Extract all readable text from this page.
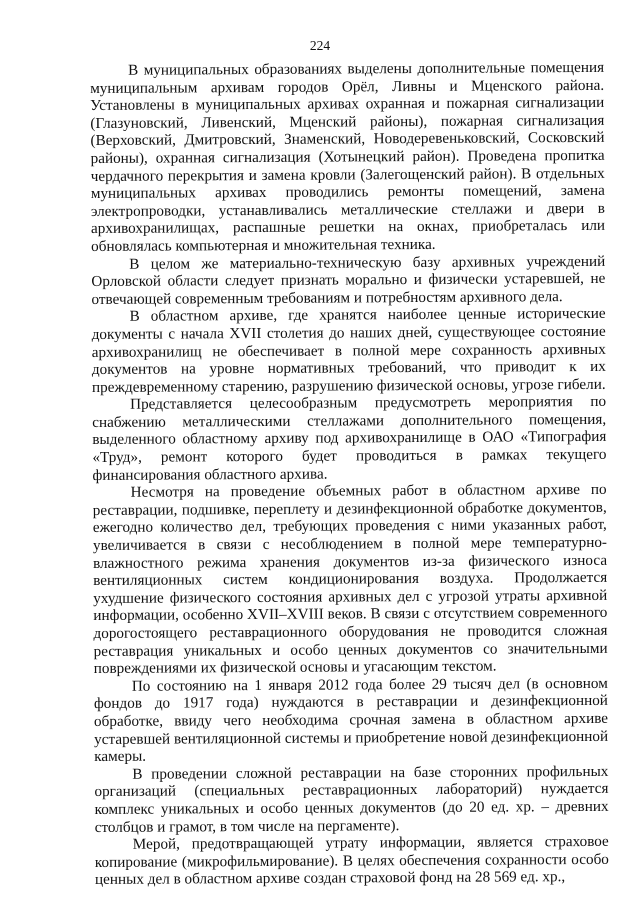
224

В муниципальных образованиях выделены дополнительные помещения муниципальным архивам городов Орёл, Ливны и Мценского района. Установлены в муниципальных архивах охранная и пожарная сигнализации (Глазуновский, Ливенский, Мценский районы), пожарная сигнализация (Верховский, Дмитровский, Знаменский, Новодеревеньковский, Сосковский районы), охранная сигнализация (Хотынецкий район). Проведена пропитка чердачного перекрытия и замена кровли (Залегощенский район). В отдельных муниципальных архивах проводились ремонты помещений, замена электропроводки, устанавливались металлические стеллажи и двери в архивохранилищах, распашные решетки на окнах, приобреталась или обновлялась компьютерная и множительная техника.

В целом же материально-техническую базу архивных учреждений Орловской области следует признать морально и физически устаревшей, не отвечающей современным требованиям и потребностям архивного дела.

В областном архиве, где хранятся наиболее ценные исторические документы с начала XVII столетия до наших дней, существующее состояние архивохранилищ не обеспечивает в полной мере сохранность архивных документов на уровне нормативных требований, что приводит к их преждевременному старению, разрушению физической основы, угрозе гибели.

Представляется целесообразным предусмотреть мероприятия по снабжению металлическими стеллажами дополнительного помещения, выделенного областному архиву под архивохранилище в ОАО «Типография «Труд», ремонт которого будет проводиться в рамках текущего финансирования областного архива.

Несмотря на проведение объемных работ в областном архиве по реставрации, подшивке, переплету и дезинфекционной обработке документов, ежегодно количество дел, требующих проведения с ними указанных работ, увеличивается в связи с несоблюдением в полной мере температурно-влажностного режима хранения документов из-за физического износа вентиляционных систем кондиционирования воздуха. Продолжается ухудшение физического состояния архивных дел с угрозой утраты архивной информации, особенно XVII–XVIII веков. В связи с отсутствием современного дорогостоящего реставрационного оборудования не проводится сложная реставрация уникальных и особо ценных документов со значительными повреждениями их физической основы и угасающим текстом.

По состоянию на 1 января 2012 года более 29 тысяч дел (в основном фондов до 1917 года) нуждаются в реставрации и дезинфекционной обработке, ввиду чего необходима срочная замена в областном архиве устаревшей вентиляционной системы и приобретение новой дезинфекционной камеры.

В проведении сложной реставрации на базе сторонних профильных организаций (специальных реставрационных лабораторий) нуждается комплекс уникальных и особо ценных документов (до 20 ед. хр. – древних столбцов и грамот, в том числе на пергаменте).

Мерой, предотвращающей утрату информации, является страховое копирование (микрофильмирование). В целях обеспечения сохранности особо ценных дел в областном архиве создан страховой фонд на 28 569 ед. хр.,
